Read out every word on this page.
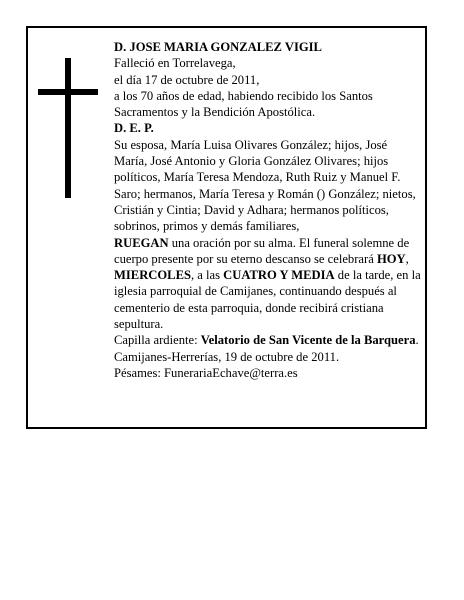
D. JOSE MARIA GONZALEZ VIGIL

Falleció en Torrelavega,

el día 17 de octubre de 2011,

a los 70 años de edad, habiendo recibido los Santos Sacramentos y la Bendición Apostólica.

D. E. P.

Su esposa, María Luisa Olivares González; hijos, José María, José Antonio y Gloria González Olivares; hijos políticos, María Teresa Mendoza, Ruth Ruiz y Manuel F. Saro; hermanos, María Teresa y Román () González; nietos, Cristián y Cintia; David y Adhara; hermanos políticos, sobrinos, primos y demás familiares,

RUEGAN una oración por su alma. El funeral solemne de cuerpo presente por su eterno descanso se celebrará HOY, MIERCOLES, a las CUATRO Y MEDIA de la tarde, en la iglesia parroquial de Camijanes, continuando después al cementerio de esta parroquia, donde recibirá cristiana sepultura.

Capilla ardiente: Velatorio de San Vicente de la Barquera.

Camijanes-Herrerías, 19 de octubre de 2011.

Pésames: FunerariaEchave@terra.es
